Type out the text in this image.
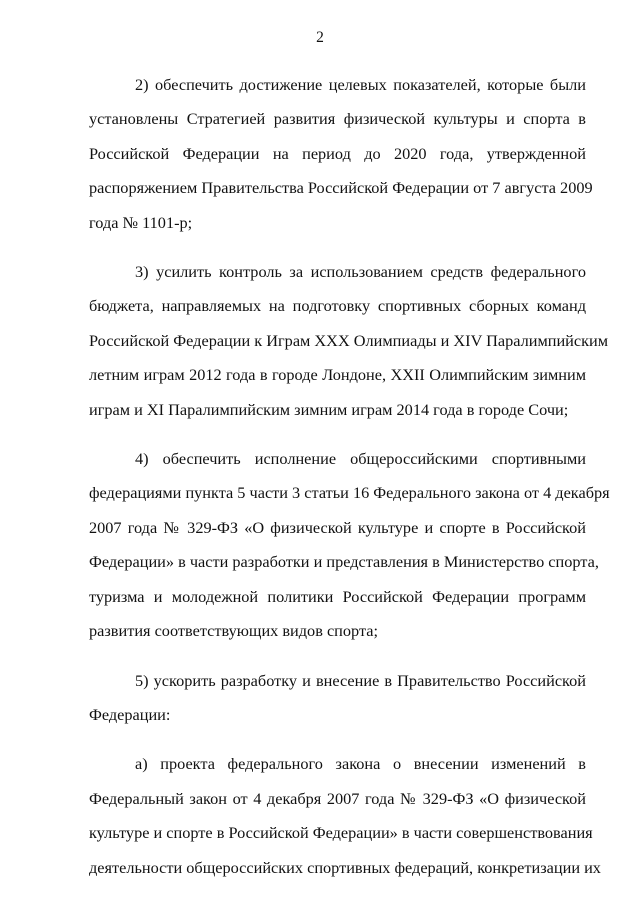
2
2) обеспечить достижение целевых показателей, которые были
установлены Стратегией развития физической культуры и спорта в
Российской Федерации на период до 2020 года, утвержденной
распоряжением Правительства Российской Федерации от 7 августа 2009
года № 1101-р;
3) усилить контроль за использованием средств федерального
бюджета, направляемых на подготовку спортивных сборных команд
Российской Федерации к Играм XXX Олимпиады и XIV Паралимпийским
летним играм 2012 года в городе Лондоне, XXII Олимпийским зимним
играм и XI Паралимпийским зимним играм 2014 года в городе Сочи;
4) обеспечить исполнение общероссийскими спортивными
федерациями пункта 5 части 3 статьи 16 Федерального закона от 4 декабря
2007 года № 329-ФЗ «О физической культуре и спорте в Российской
Федерации» в части разработки и представления в Министерство спорта,
туризма и молодежной политики Российской Федерации программ
развития соответствующих видов спорта;
5) ускорить разработку и внесение в Правительство Российской
Федерации:
а) проекта федерального закона о внесении изменений в
Федеральный закон от 4 декабря 2007 года № 329-ФЗ «О физической
культуре и спорте в Российской Федерации» в части совершенствования
деятельности общероссийских спортивных федераций, конкретизации их
